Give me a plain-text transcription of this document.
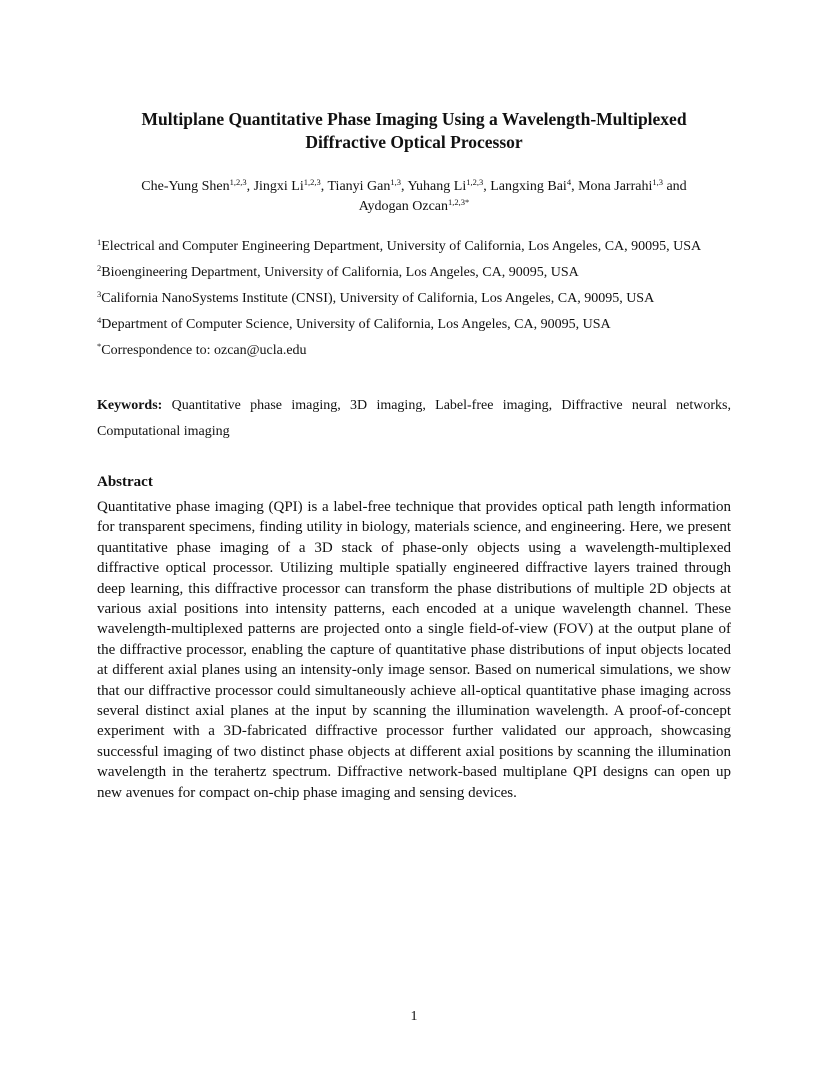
Multiplane Quantitative Phase Imaging Using a Wavelength-Multiplexed
Diffractive Optical Processor
Che-Yung Shen$^{1,2,3}$, Jingxi Li$^{1,2,3}$, Tianyi Gan$^{1,3}$, Yuhang Li$^{1,2,3}$, Langxing Bai$^4$, Mona Jarrahi$^{1,3}$ and
Aydogan Ozcan$^{1,2,3*}$
$^1$Electrical and Computer Engineering Department, University of California, Los Angeles, CA, 90095, USA
$^2$Bioengineering Department, University of California, Los Angeles, CA, 90095, USA
$^3$California NanoSystems Institute (CNSI), University of California, Los Angeles, CA, 90095, USA
$^4$Department of Computer Science, University of California, Los Angeles, CA, 90095, USA
*Correspondence to: ozcan@ucla.edu
Keywords: Quantitative phase imaging, 3D imaging, Label-free imaging, Diffractive neural networks, Computational imaging
Abstract
Quantitative phase imaging (QPI) is a label-free technique that provides optical path length information for transparent specimens, finding utility in biology, materials science, and engineering. Here, we present quantitative phase imaging of a 3D stack of phase-only objects using a wavelength-multiplexed diffractive optical processor. Utilizing multiple spatially engineered diffractive layers trained through deep learning, this diffractive processor can transform the phase distributions of multiple 2D objects at various axial positions into intensity patterns, each encoded at a unique wavelength channel. These wavelength-multiplexed patterns are projected onto a single field-of-view (FOV) at the output plane of the diffractive processor, enabling the capture of quantitative phase distributions of input objects located at different axial planes using an intensity-only image sensor. Based on numerical simulations, we show that our diffractive processor could simultaneously achieve all-optical quantitative phase imaging across several distinct axial planes at the input by scanning the illumination wavelength. A proof-of-concept experiment with a 3D-fabricated diffractive processor further validated our approach, showcasing successful imaging of two distinct phase objects at different axial positions by scanning the illumination wavelength in the terahertz spectrum. Diffractive network-based multiplane QPI designs can open up new avenues for compact on-chip phase imaging and sensing devices.
1
